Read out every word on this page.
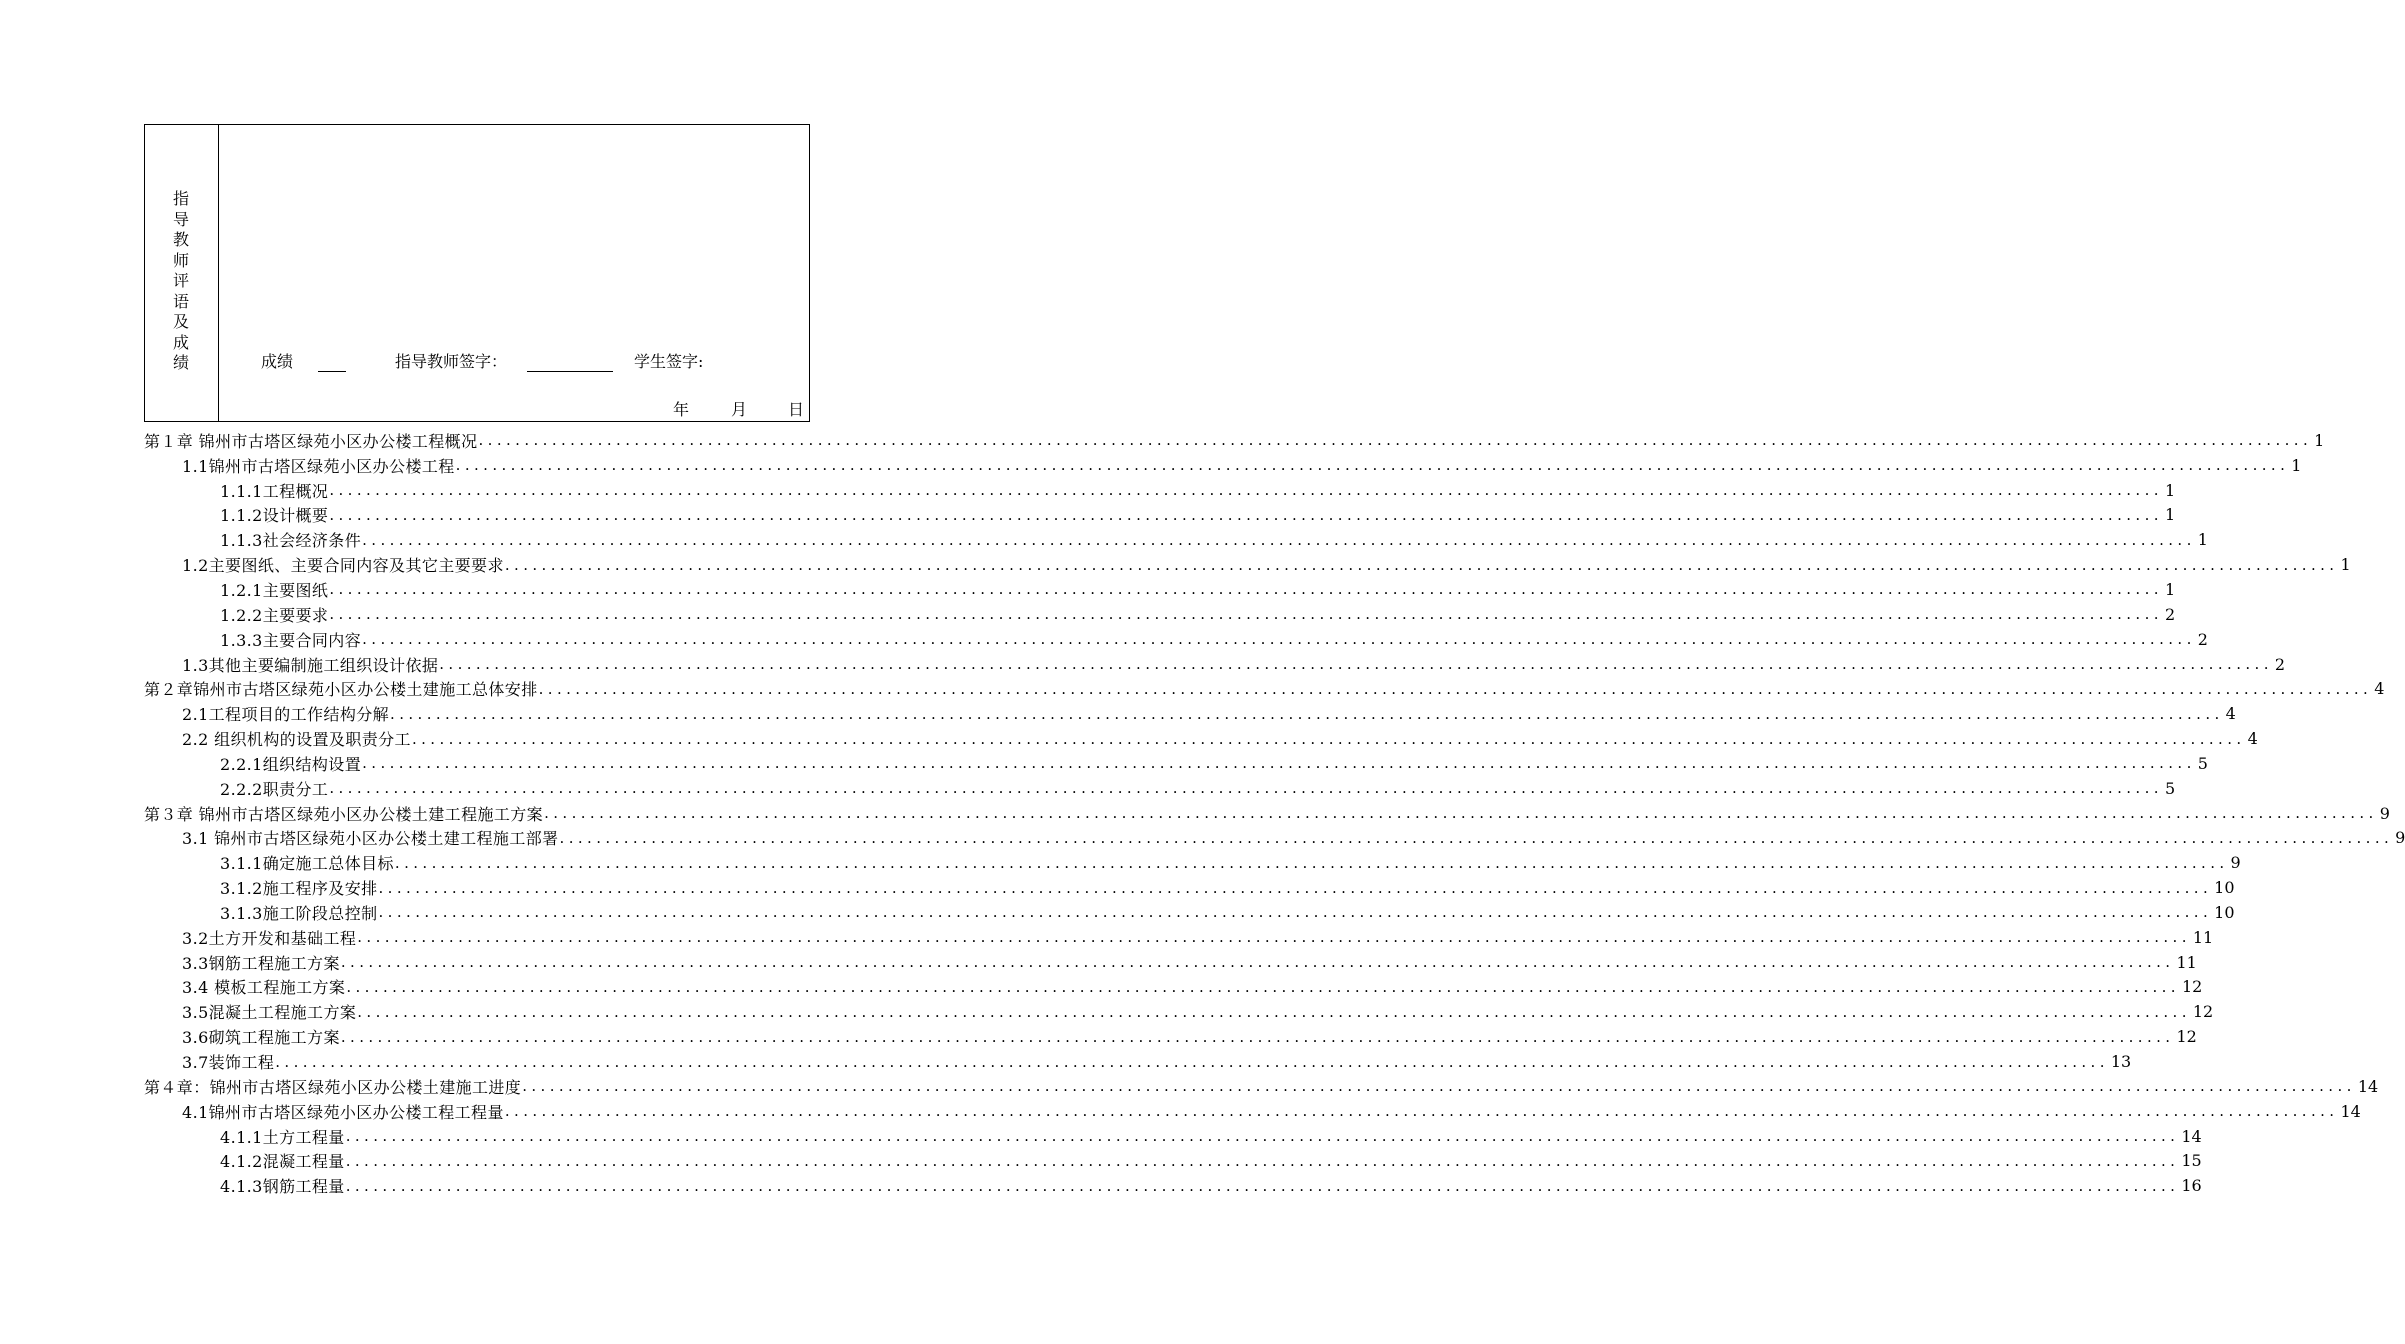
指导教师评语及成绩	成绩	指导教师签字：	学生签字:
年	月	日
第１章 锦州市古塔区绿苑小区办公楼工程概况 ........................................................................................................................................................................................................ 1
1.1锦州市古塔区绿苑小区办公楼工程 ........................................................................................................................................................................................................ 1
1.1.1工程概况 ........................................................................................................................................................................................................ 1
1.1.2设计概要 ........................................................................................................................................................................................................ 1
1.1.3社会经济条件 ........................................................................................................................................................................................................ 1
1.2主要图纸、主要合同内容及其它主要要求 ........................................................................................................................................................................................................ 1
1.2.1主要图纸 ........................................................................................................................................................................................................ 1
1.2.2主要要求 ........................................................................................................................................................................................................ 2
1.3.3主要合同内容 ........................................................................................................................................................................................................ 2
1.3其他主要编制施工组织设计依据 ........................................................................................................................................................................................................ 2
第２章锦州市古塔区绿苑小区办公楼土建施工总体安排 ........................................................................................................................................................................................................ 4
2.1工程项目的工作结构分解 ........................................................................................................................................................................................................ 4
2.2 组织机构的设置及职责分工 ........................................................................................................................................................................................................ 4
2.2.1组织结构设置 ........................................................................................................................................................................................................ 5
2.2.2职责分工 ........................................................................................................................................................................................................ 5
第３章 锦州市古塔区绿苑小区办公楼土建工程施工方案 ........................................................................................................................................................................................................ 9
3.1 锦州市古塔区绿苑小区办公楼土建工程施工部署 ........................................................................................................................................................................................................ 9
3.1.1确定施工总体目标 ........................................................................................................................................................................................................ 9
3.1.2施工程序及安排 ........................................................................................................................................................................................................ 10
3.1.3施工阶段总控制 ........................................................................................................................................................................................................ 10
3.2土方开发和基础工程 ........................................................................................................................................................................................................ 11
3.3钢筋工程施工方案 ........................................................................................................................................................................................................ 11
3.4 模板工程施工方案 ........................................................................................................................................................................................................ 12
3.5混凝土工程施工方案 ........................................................................................................................................................................................................ 12
3.6砌筑工程施工方案 ........................................................................................................................................................................................................ 12
3.7装饰工程 ........................................................................................................................................................................................................ 13
第４章：锦州市古塔区绿苑小区办公楼土建施工进度 ........................................................................................................................................................................................................ 14
4.1锦州市古塔区绿苑小区办公楼工程工程量 ........................................................................................................................................................................................................ 14
4.1.1土方工程量 ........................................................................................................................................................................................................ 14
4.1.2混凝工程量 ........................................................................................................................................................................................................ 15
4.1.3钢筋工程量 ........................................................................................................................................................................................................ 16
